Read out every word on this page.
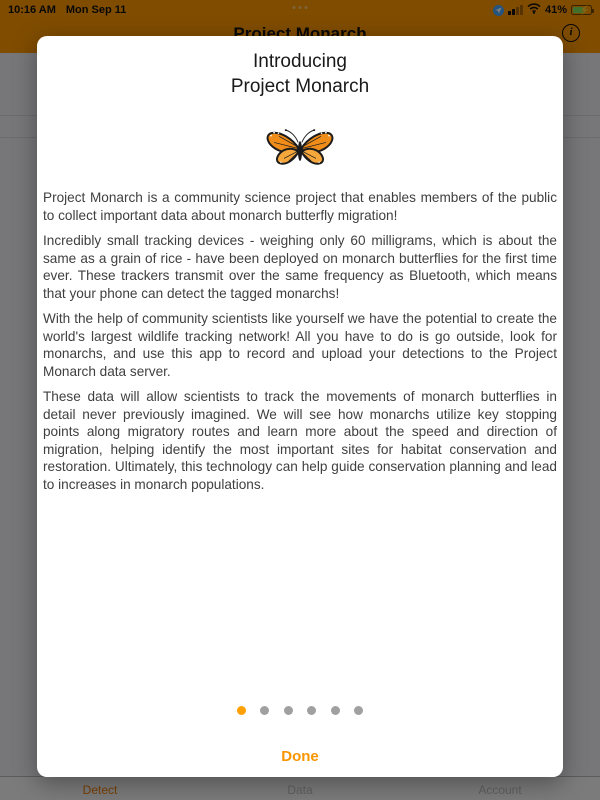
Introducing
Project Monarch

Project Monarch is a community science project that enables members of the public to collect important data about monarch butterfly migration!

Incredibly small tracking devices - weighing only 60 milligrams, which is about the same as a grain of rice - have been deployed on monarch butterflies for the first time ever. These trackers transmit over the same frequency as Bluetooth, which means that your phone can detect the tagged monarchs!

With the help of community scientists like yourself we have the potential to create the world's largest wildlife tracking network! All you have to do is go outside, look for monarchs, and use this app to record and upload your detections to the Project Monarch data server.

These data will allow scientists to track the movements of monarch butterflies in detail never previously imagined. We will see how monarchs utilize key stopping points along migratory routes and learn more about the speed and direction of migration, helping identify the most important sites for habitat conservation and restoration. Ultimately, this technology can help guide conservation planning and lead to increases in monarch populations.

Done
